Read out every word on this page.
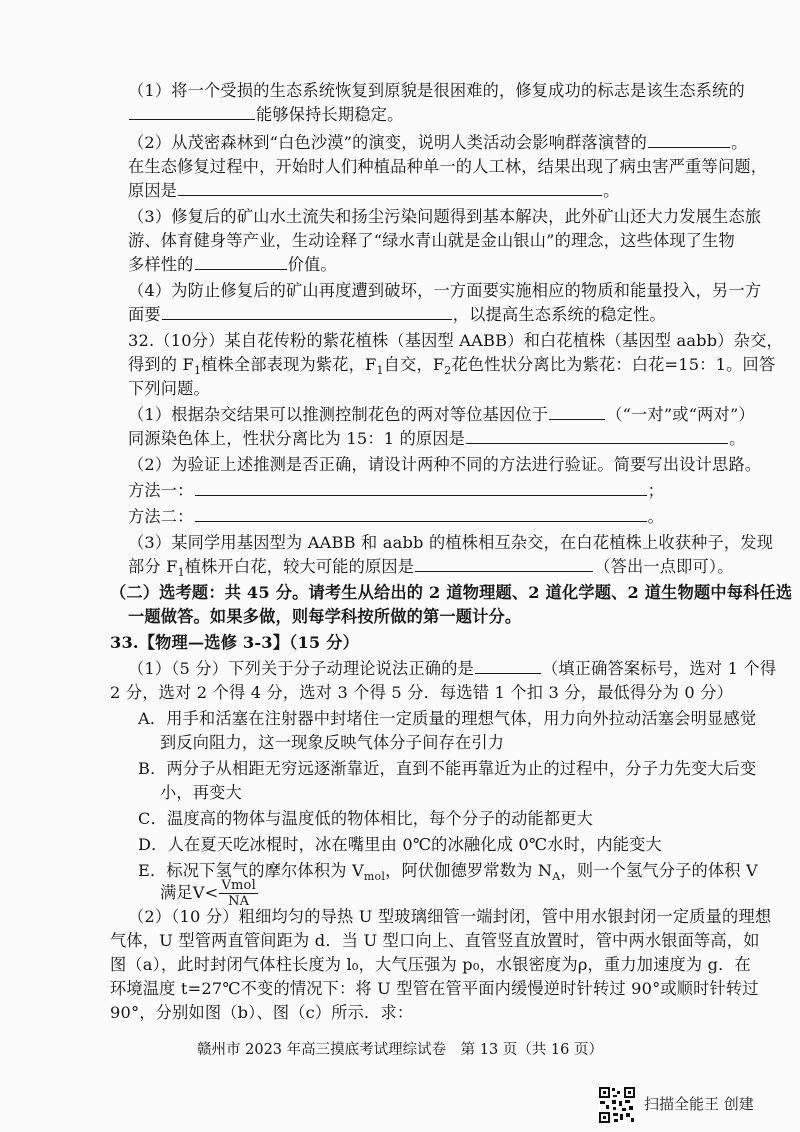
（1）将一个受损的生态系统恢复到原貌是很困难的，修复成功的标志是该生态系统的
能够保持长期稳定。
（2）从茂密森林到“白色沙漠”的演变，说明人类活动会影响群落演替的	。
在生态修复过程中，开始时人们种植品种单一的人工林，结果出现了病虫害严重等问题，
原因是	。
（3）修复后的矿山水土流失和扬尘污染问题得到基本解决，此外矿山还大力发展生态旅
游、体育健身等产业，生动诠释了“绿水青山就是金山银山”的理念，这些体现了生物
多样性的	价值。
（4）为防止修复后的矿山再度遭到破坏，一方面要实施相应的物质和能量投入，另一方
面要	，以提高生态系统的稳定性。
32.（10分）某自花传粉的紫花植株（基因型 AABB）和白花植株（基因型 aabb）杂交，
得到的 $F_1$植株全部表现为紫花，$F_1$自交，$F_2$花色性状分离比为紫花：白花=15：1。回答
下列问题。
（1）根据杂交结果可以推测控制花色的两对等位基因位于	（“一对”或“两对”）
同源染色体上，性状分离比为 15：1 的原因是	。
（2）为验证上述推测是否正确，请设计两种不同的方法进行验证。简要写出设计思路。
方法一：	；
方法二：	。
（3）某同学用基因型为 AABB 和 aabb 的植株相互杂交，在白花植株上收获种子，发现
部分 $F_1$植株开白花，较大可能的原因是	（答出一点即可）。
（二）选考题：共 45 分。请考生从给出的 2 道物理题、2 道化学题、2 道生物题中每科任选
一题做答。如果多做，则每学科按所做的第一题计分。
33.【物理—选修 3-3】（15 分）
（1）（5 分）下列关于分子动理论说法正确的是	（填正确答案标号，选对 1 个得
2 分，选对 2 个得 4 分，选对 3 个得 5 分．每选错 1 个扣 3 分，最低得分为 0 分）
A．用手和活塞在注射器中封堵住一定质量的理想气体，用力向外拉动活塞会明显感觉
到反向阻力，这一现象反映气体分子间存在引力
B．两分子从相距无穷远逐渐靠近，直到不能再靠近为止的过程中，分子力先变大后变
小，再变大
C．温度高的物体与温度低的物体相比，每个分子的动能都更大
D．人在夏天吃冰棍时，冰在嘴里由 0℃的冰融化成 0℃水时，内能变大
E．标况下氢气的摩尔体积为 $V_{mol}$，阿伏伽德罗常数为 $N_A$，则一个氢气分子的体积 V
满足$V< \frac{\text{Vmol}}{NA}$
（2）（10 分）粗细均匀的导热 U 型玻璃细管一端封闭，管中用水银封闭一定质量的理想
气体，U 型管两直管间距为 d．当 U 型口向上、直管竖直放置时，管中两水银面等高，如
图（a），此时封闭气体柱长度为 l₀，大气压强为 p₀，水银密度为ρ，重力加速度为 g．在
环境温度 t=27℃不变的情况下：将 U 型管在管平面内缓慢逆时针转过 90°或顺时针转过
90°，分别如图（b）、图（c）所示．求：
赣州市 2023 年高三摸底考试理综试卷　第 13 页（共 16 页）
扫描全能王 创建
